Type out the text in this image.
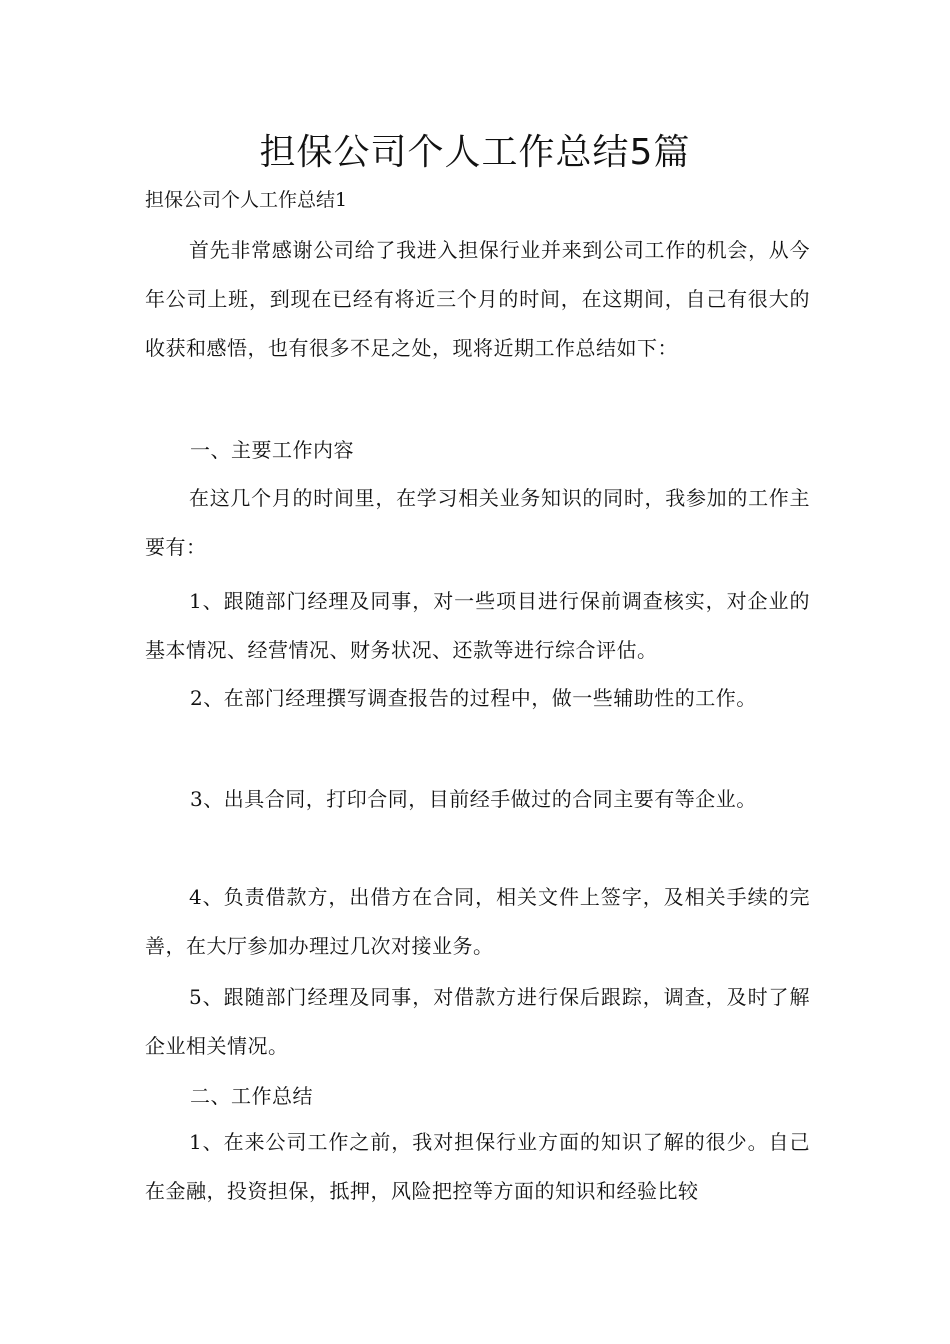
担保公司个人工作总结5篇
担保公司个人工作总结1
首先非常感谢公司给了我进入担保行业并来到公司工作的机会，从今年公司上班，到现在已经有将近三个月的时间，在这期间，自己有很大的收获和感悟，也有很多不足之处，现将近期工作总结如下：
一、主要工作内容
在这几个月的时间里，在学习相关业务知识的同时，我参加的工作主要有：
1、跟随部门经理及同事，对一些项目进行保前调查核实，对企业的基本情况、经营情况、财务状况、还款等进行综合评估。
2、在部门经理撰写调查报告的过程中，做一些辅助性的工作。
3、出具合同，打印合同，目前经手做过的合同主要有等企业。
4、负责借款方，出借方在合同，相关文件上签字，及相关手续的完善，在大厅参加办理过几次对接业务。
5、跟随部门经理及同事，对借款方进行保后跟踪，调查，及时了解企业相关情况。
二、工作总结
1、在来公司工作之前，我对担保行业方面的知识了解的很少。自己在金融，投资担保，抵押，风险把控等方面的知识和经验比较
